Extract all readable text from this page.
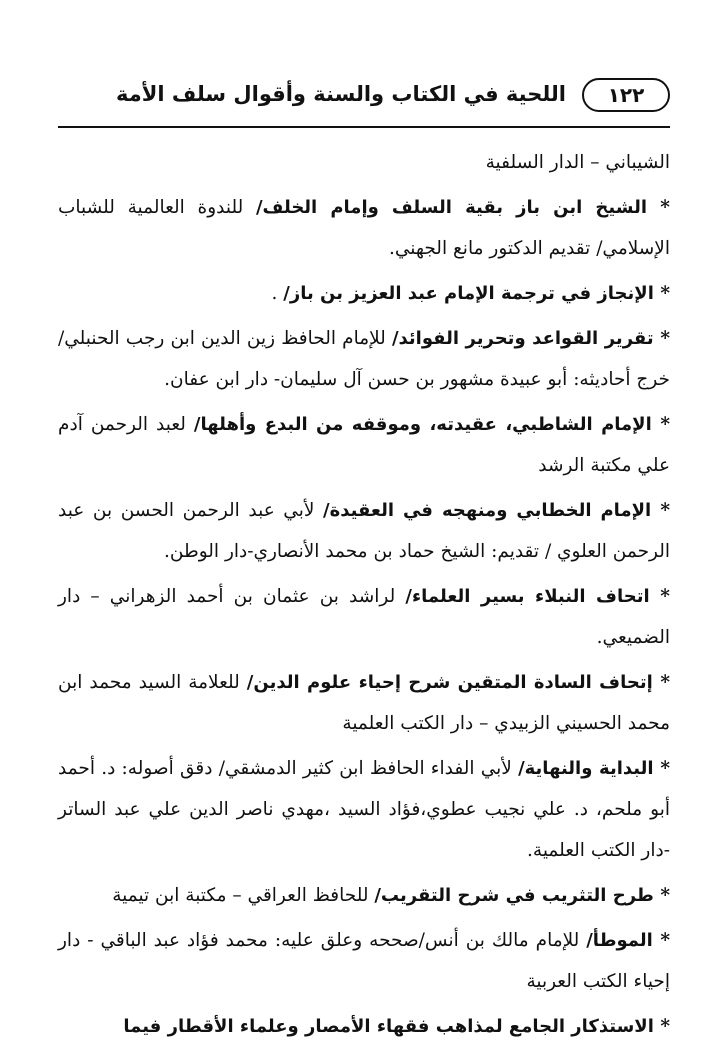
١٢٢
اللحية في الكتاب والسنة وأقوال سلف الأمة

الشيباني – الدار السلفية

* الشيخ ابن باز بقية السلف وإمام الخلف/ للندوة العالمية للشباب الإسلامي/ تقديم الدكتور مانع الجهني.

* الإنجاز في ترجمة الإمام عبد العزيز بن باز/ .

* تقرير القواعد وتحرير الفوائد/ للإمام الحافظ زين الدين ابن رجب الحنبلي/ خرج أحاديثه: أبو عبيدة مشهور بن حسن آل سليمان- دار ابن عفان.

* الإمام الشاطبي، عقيدته، وموقفه من البدع وأهلها/ لعبد الرحمن آدم علي مكتبة الرشد

* الإمام الخطابي ومنهجه في العقيدة/ لأبي عبد الرحمن الحسن بن عبد الرحمن العلوي / تقديم: الشيخ حماد بن محمد الأنصاري-دار الوطن.

* اتحاف النبلاء بسير العلماء/ لراشد بن عثمان بن أحمد الزهراني – دار الضميعي.

* إتحاف السادة المتقين شرح إحياء علوم الدين/ للعلامة السيد محمد ابن محمد الحسيني الزبيدي – دار الكتب العلمية

* البداية والنهاية/ لأبي الفداء الحافظ ابن كثير الدمشقي/ دقق أصوله: د. أحمد أبو ملحم، د. علي نجيب عطوي،فؤاد السيد ،مهدي ناصر الدين علي عبد الساتر -دار الكتب العلمية.

* طرح التثريب في شرح التقريب/ للحافظ العراقي – مكتبة ابن تيمية

* الموطأ/ للإمام مالك بن أنس/صححه وعلق عليه: محمد فؤاد عبد الباقي - دار إحياء الكتب العربية

* الاستذكار الجامع لمذاهب فقهاء الأمصار وعلماء الأقطار فيما
